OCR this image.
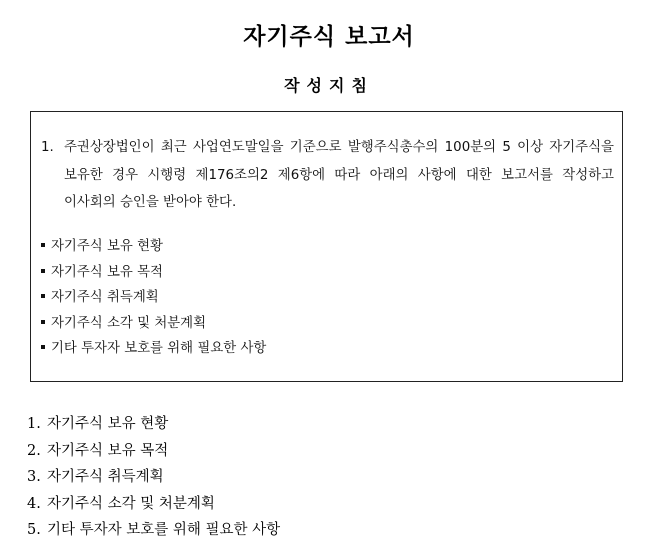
자기주식 보고서
작성지침
1. 주권상장법인이 최근 사업연도말일을 기준으로 발행주식총수의 100분의 5 이상 자기주식을 보유한 경우 시행령 제176조의2 제6항에 따라 아래의 사항에 대한 보고서를 작성하고 이사회의 승인을 받아야 한다.
자기주식 보유 현황
자기주식 보유 목적
자기주식 취득계획
자기주식 소각 및 처분계획
기타 투자자 보호를 위해 필요한 사항
1. 자기주식 보유 현황
2. 자기주식 보유 목적
3. 자기주식 취득계획
4. 자기주식 소각 및 처분계획
5. 기타 투자자 보호를 위해 필요한 사항
